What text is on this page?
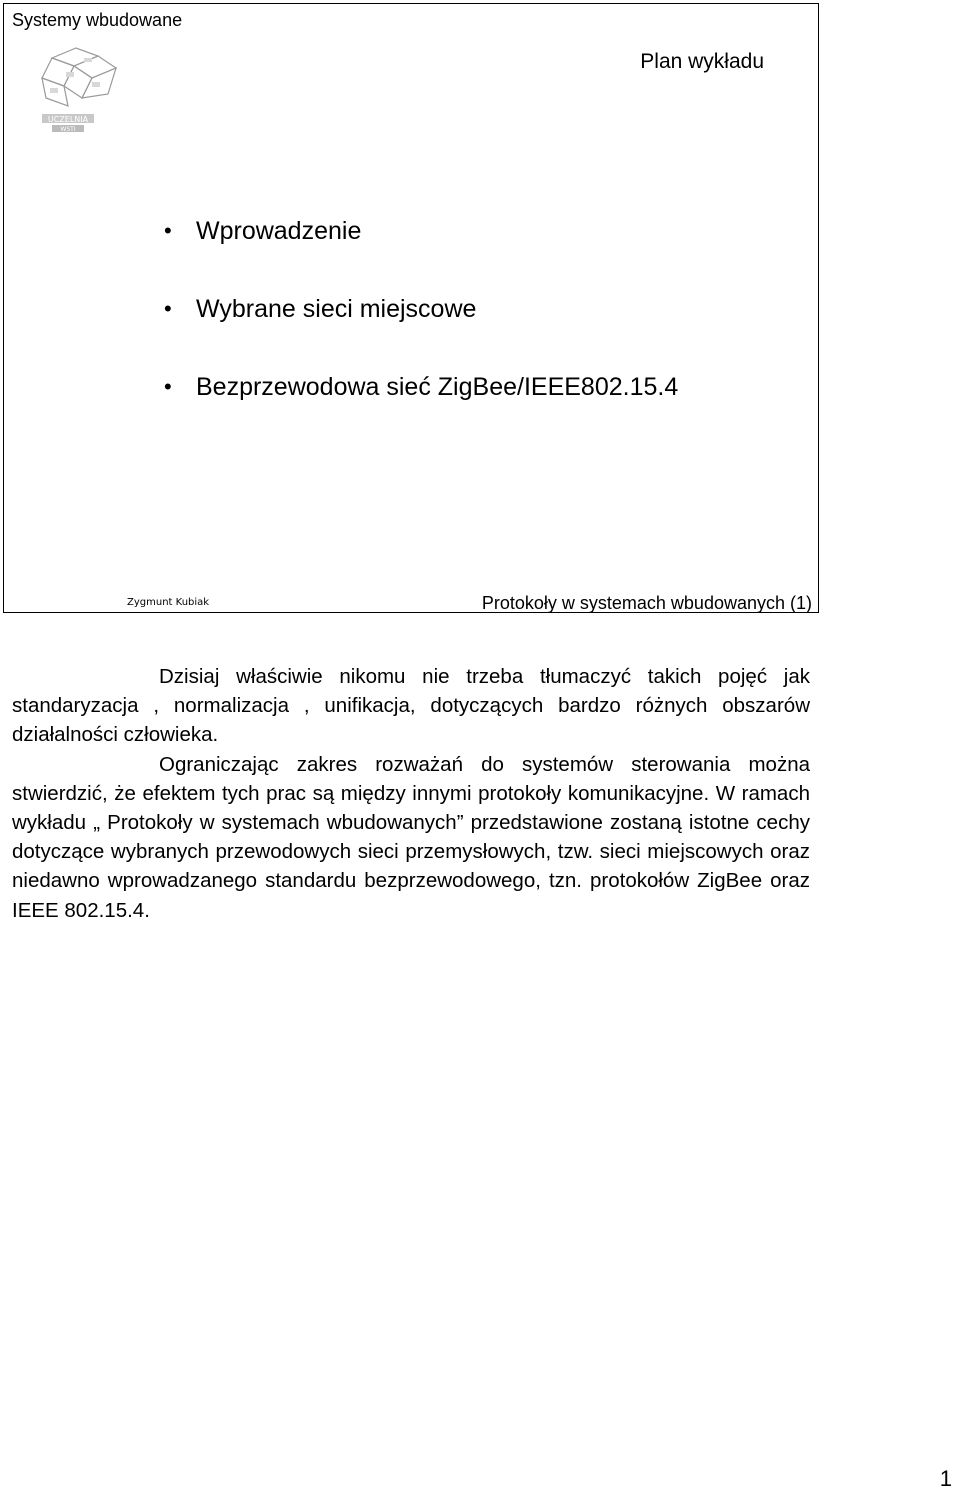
Systemy wbudowane
Plan wykładu
UCZELNIA
WSTI
• Wprowadzenie
• Wybrane sieci miejscowe
• Bezprzewodowa sieć ZigBee/IEEE802.15.4
Zygmunt Kubiak	Protokoły w systemach wbudowanych (1)

Dzisiaj właściwie nikomu nie trzeba tłumaczyć takich pojęć jak standaryzacja , normalizacja , unifikacja, dotyczących bardzo różnych obszarów działalności człowieka.

Ograniczając zakres rozważań do systemów sterowania można stwierdzić, że efektem tych prac są między innymi protokoły komunikacyjne. W ramach wykładu „ Protokoły w systemach wbudowanych” przedstawione zostaną istotne cechy dotyczące wybranych przewodowych sieci przemysłowych, tzw. sieci miejscowych oraz niedawno wprowadzanego standardu bezprzewodowego, tzn. protokołów ZigBee oraz IEEE 802.15.4.

1
